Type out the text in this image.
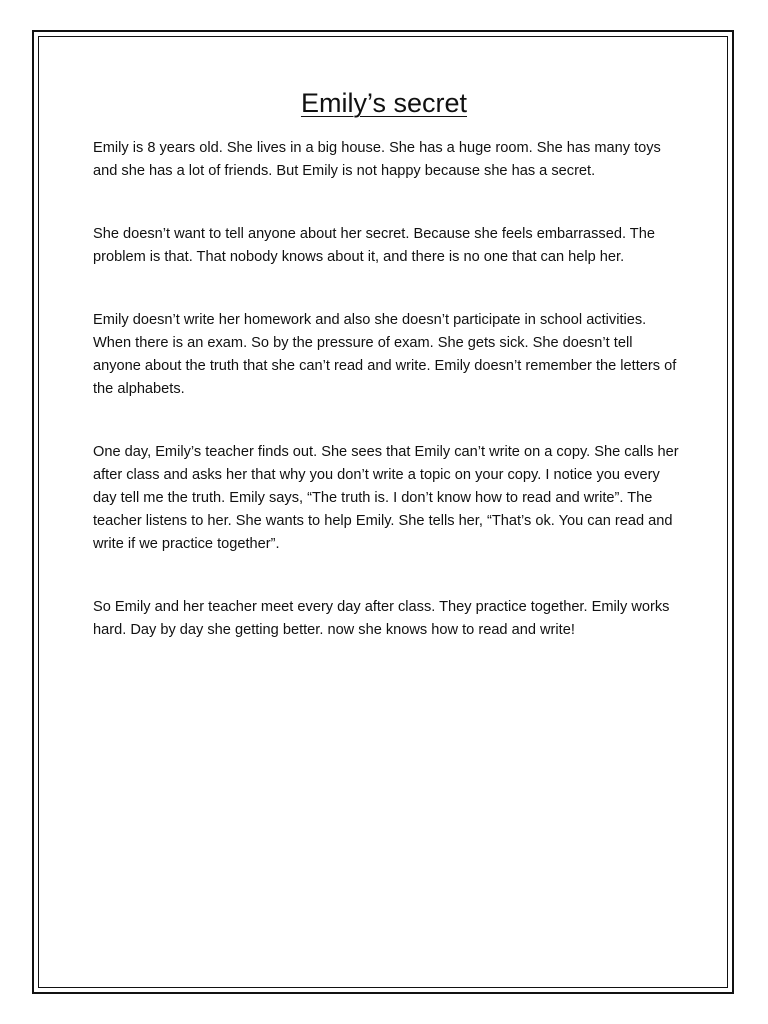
Emily’s secret

Emily is 8 years old. She lives in a big house. She has a huge room. She has many toys and she has a lot of friends. But Emily is not happy because she has a secret.

She doesn’t want to tell anyone about her secret. Because she feels embarrassed. The problem is that. That nobody knows about it, and there is no one that can help her.

Emily doesn’t write her homework and also she doesn’t participate in school activities. When there is an exam. So by the pressure of exam. She gets sick. She doesn’t tell anyone about the truth that she can’t read and write. Emily doesn’t remember the letters of the alphabets.

One day, Emily’s teacher finds out. She sees that Emily can’t write on a copy. She calls her after class and asks her that why you don’t write a topic on your copy. I notice you every day tell me the truth. Emily says, “The truth is. I don’t know how to read and write”. The teacher listens to her. She wants to help Emily. She tells her, “That’s ok. You can read and write if we practice together”.

So Emily and her teacher meet every day after class. They practice together. Emily works hard. Day by day she getting better. now she knows how to read and write!
